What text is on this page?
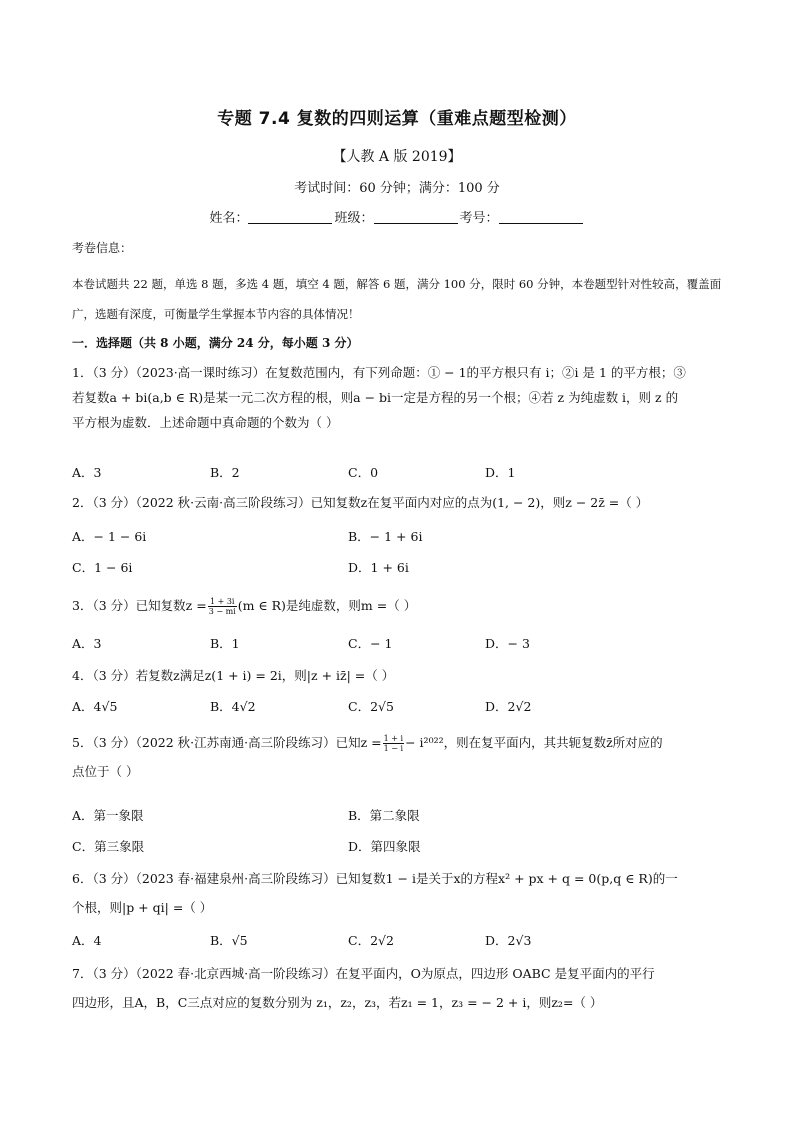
专题 7.4 复数的四则运算（重难点题型检测）
【人教 A 版 2019】
考试时间：60 分钟；满分：100 分
姓名：	班级：	考号：
考卷信息：
本卷试题共 22 题，单选 8 题，多选 4 题，填空 4 题，解答 6 题，满分 100 分，限时 60 分钟，本卷题型针对性较高，覆盖面广，选题有深度，可衡量学生掌握本节内容的具体情况！
一．选择题（共 8 小题，满分 24 分，每小题 3 分）
1．（3 分）（2023·高一课时练习）在复数范围内，有下列命题：① − 1的平方根只有 i；②i 是 1 的平方根；③
若复数a + bi(a,b ∈ R)是某一元二次方程的根，则a − bi一定是方程的另一个根；④若 z 为纯虚数 i，则 z 的
平方根为虚数．上述命题中真命题的个数为（ ）
A．3	B．2	C．0	D．1
2．（3 分）（2022 秋·云南·高三阶段练习）已知复数z在复平面内对应的点为(1, − 2)，则z − 2z̄ =（ ）
A．− 1 − 6i	B．− 1 + 6i
C．1 − 6i	D．1 + 6i
3．（3 分）已知复数$z = \frac{1 + 3i}{3 - mi} (m$ ∈ R)是纯虚数，则m =（ ）
A．3	B．1	C．− 1	D．− 3
4．（3 分）若复数z满足z(1 + i) = 2i，则|z + iz̄| =（ ）
A．4√5	B．4√2	C．2√5	D．2√2
5．（3 分）（2022 秋·江苏南通·高三阶段练习）已知$z = \frac{1 + i}{1 - i} - i^{2022}$，则在复平面内，其共轭复数z̄所对应的
点位于（ ）
A．第一象限	B．第二象限
C．第三象限	D．第四象限
6．（3 分）（2023 春·福建泉州·高三阶段练习）已知复数1 − i是关于x的方程x² + px + q = 0(p,q ∈ R)的一
个根，则|p + qi| =（ ）
A．4	B．√5	C．2√2	D．2√3
7．（3 分）（2022 春·北京西城·高一阶段练习）在复平面内，O为原点，四边形 OABC 是复平面内的平行
四边形，且A，B，C三点对应的复数分别为 z₁，z₂，z₃，若z₁ = 1，z₃ = − 2 + i，则z₂=（ ）
